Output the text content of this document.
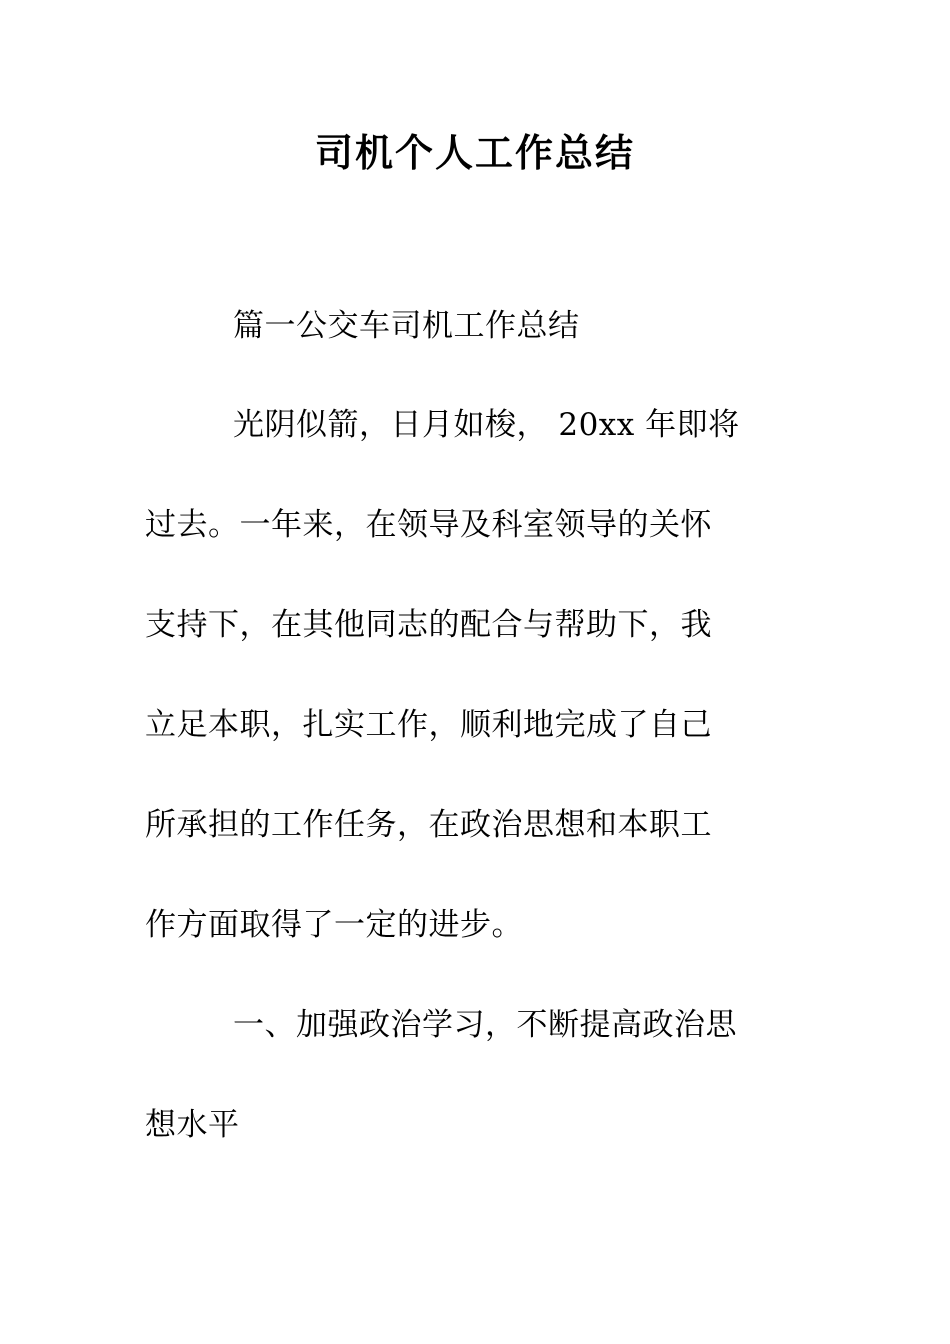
司机个人工作总结

篇一公交车司机工作总结

光阴似箭，日月如梭， 20xx 年即将

过去。一年来，在领导及科室领导的关怀

支持下，在其他同志的配合与帮助下，我

立足本职，扎实工作，顺利地完成了自己

所承担的工作任务，在政治思想和本职工

作方面取得了一定的进步。

一、加强政治学习，不断提高政治思

想水平
